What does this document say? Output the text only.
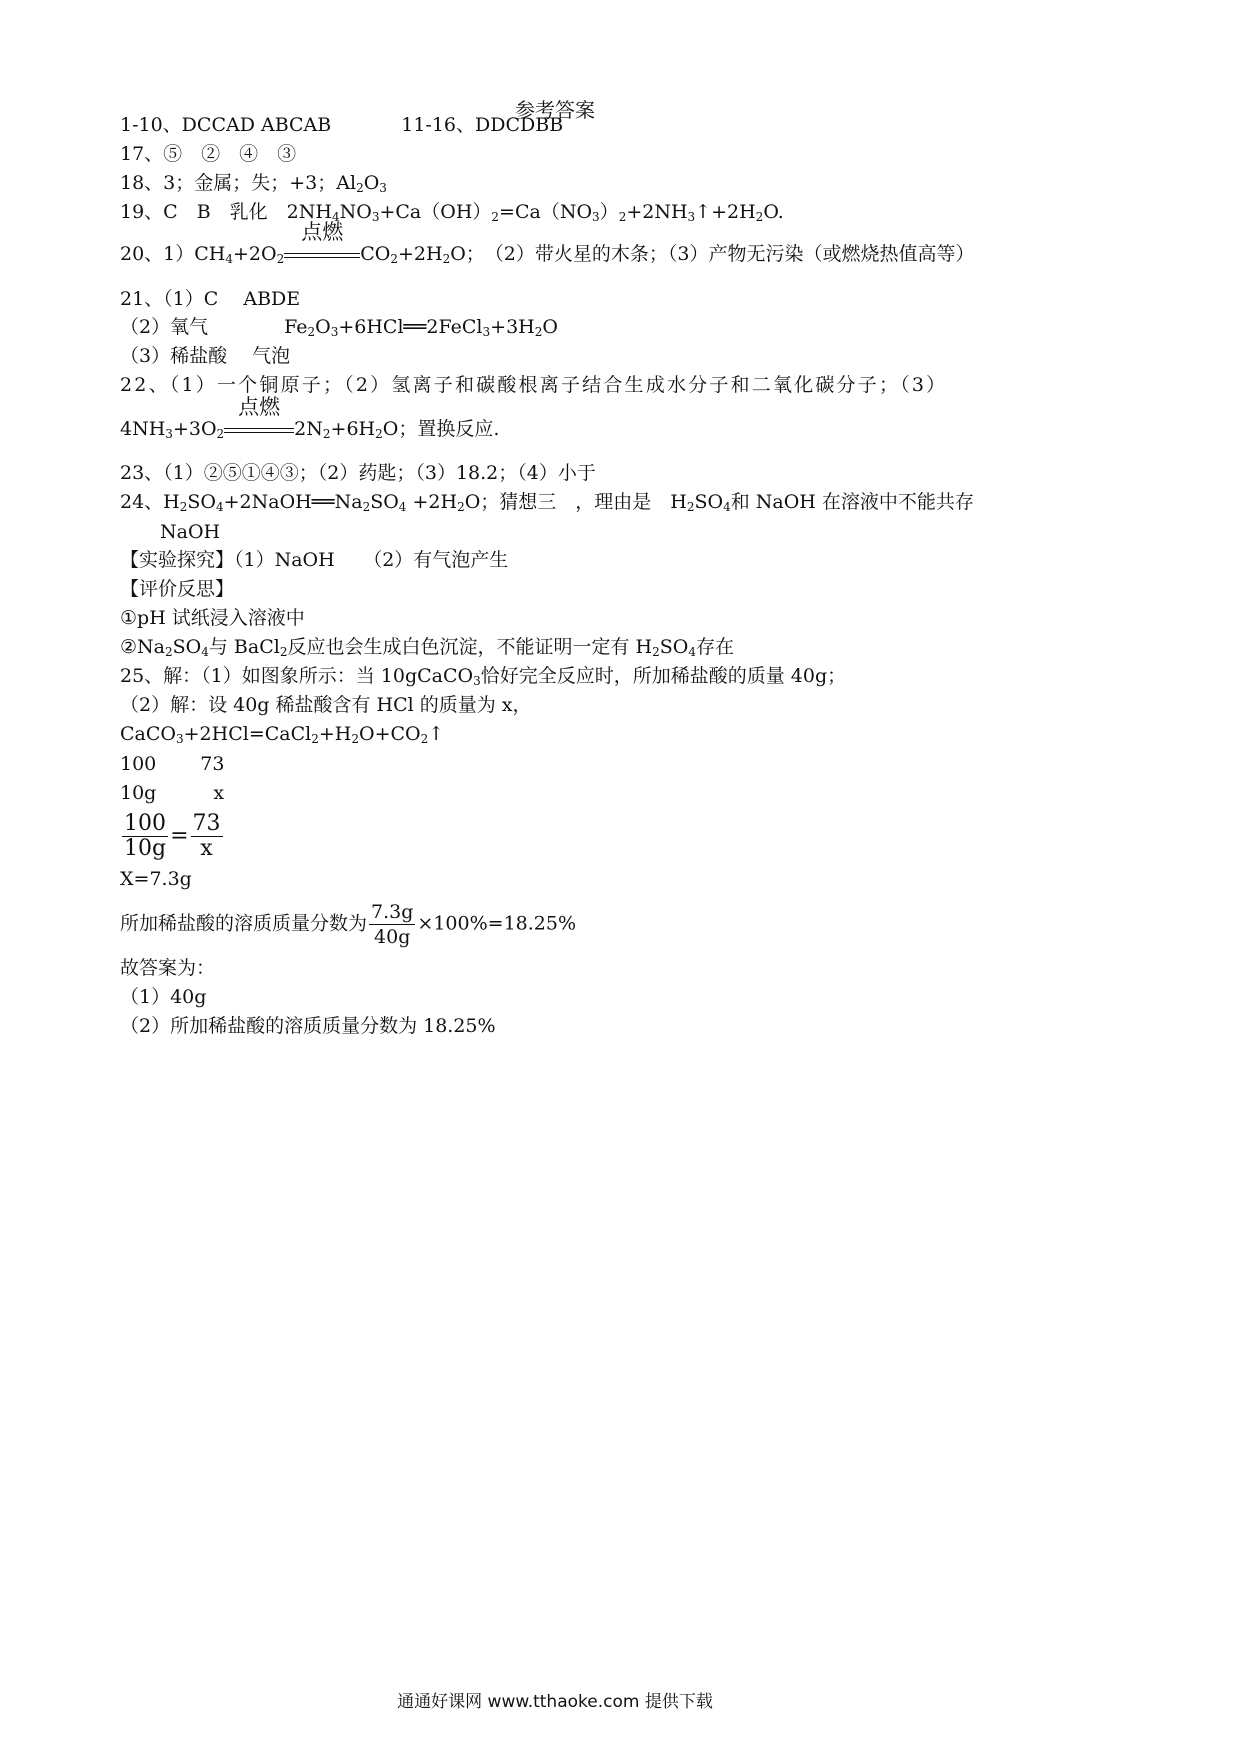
参考答案
1-10、DCCAD ABCAB	11-16、DDCDBB
17、⑤　②　④　③
18、3；金属；失；+3；$Al_2O_3$
19、C　B　乳化　$2NH_4NO_3+Ca(OH)_2=Ca(NO_3)_2+2NH_3↑+2H_2O$.
20、$1)CH_4+2O_2$
点燃
$CO_2+2H_2O$；　（2）带火星的木条；（3）产物无污染（或燃烧热值高等）
21、（1）C　 ABDE
（2）氧气　　　　$Fe_2O_3+6HCl══2FeCl_3+3H_2O$
（3）稀盐酸　 气泡
22、（1）一个铜原子；（2）氢离子和碳酸根离子结合生成水分子和二氧化碳分子；（3）
$4NH_3+3O_2$
点燃
$2N_2+6H_2O$；置换反应.
23、（1）②⑤①④③；（2）药匙；（3）18.2；（4）小于
24、$H_2SO_4+2NaOH══Na_2SO_4 +2H_2O$；猜想三　，理由是　$H_2SO_4$和 NaOH 在溶液中不能共存
NaOH
【实验探究】（1）NaOH　　（2）有气泡产生
【评价反思】
①pH 试纸浸入溶液中
$②Na_2SO_4$与 BaCl$_2$反应也会生成白色沉淀，不能证明一定有 $H_2SO_4$存在
25、解：（1）如图象所示：当 10gCaCO$_3$恰好完全反应时，所加稀盐酸的质量 40g；
（2）解：设 40g 稀盐酸含有 HCl 的质量为 x，
$CaCO_3+2HCl=CaCl_2+H_2O+CO_2↑$
100　　 73
10g　　　x
$\frac{100}{10g} = \frac{73}{x}$
X=7.3g
所加稀盐酸的溶质质量分数为 $\frac{7.3g}{40g} \times 100\%=18.25\%$
故答案为：
（1）40g
（2）所加稀盐酸的溶质质量分数为 18.25%
通通好课网 www.tthaoke.com 提供下载
